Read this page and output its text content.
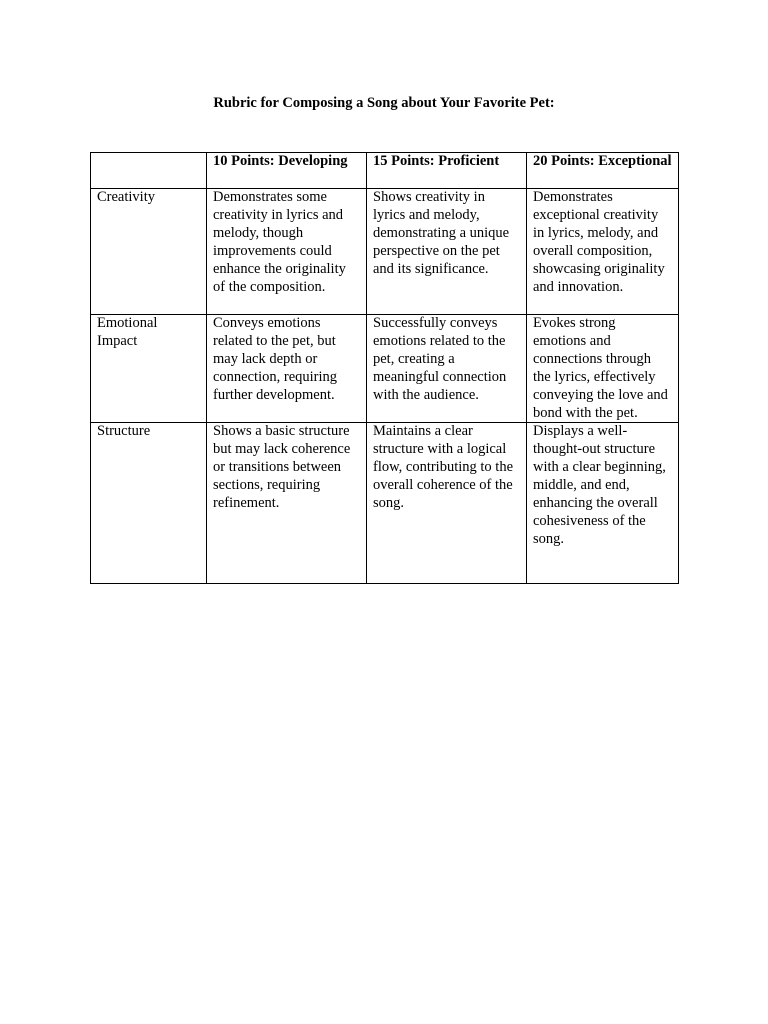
Rubric for Composing a Song about Your Favorite Pet:
	10 Points: Developing	15 Points: Proficient	20 Points: Exceptional
Creativity	Demonstrates some creativity in lyrics and melody, though improvements could enhance the originality of the composition.	Shows creativity in lyrics and melody, demonstrating a unique perspective on the pet and its significance.	Demonstrates exceptional creativity in lyrics, melody, and overall composition, showcasing originality and innovation.
Emotional Impact	Conveys emotions related to the pet, but may lack depth or connection, requiring further development.	Successfully conveys emotions related to the pet, creating a meaningful connection with the audience.	Evokes strong emotions and connections through the lyrics, effectively conveying the love and bond with the pet.
Structure	Shows a basic structure but may lack coherence or transitions between sections, requiring refinement.	Maintains a clear structure with a logical flow, contributing to the overall coherence of the song.	Displays a well-thought-out structure with a clear beginning, middle, and end, enhancing the overall cohesiveness of the song.
